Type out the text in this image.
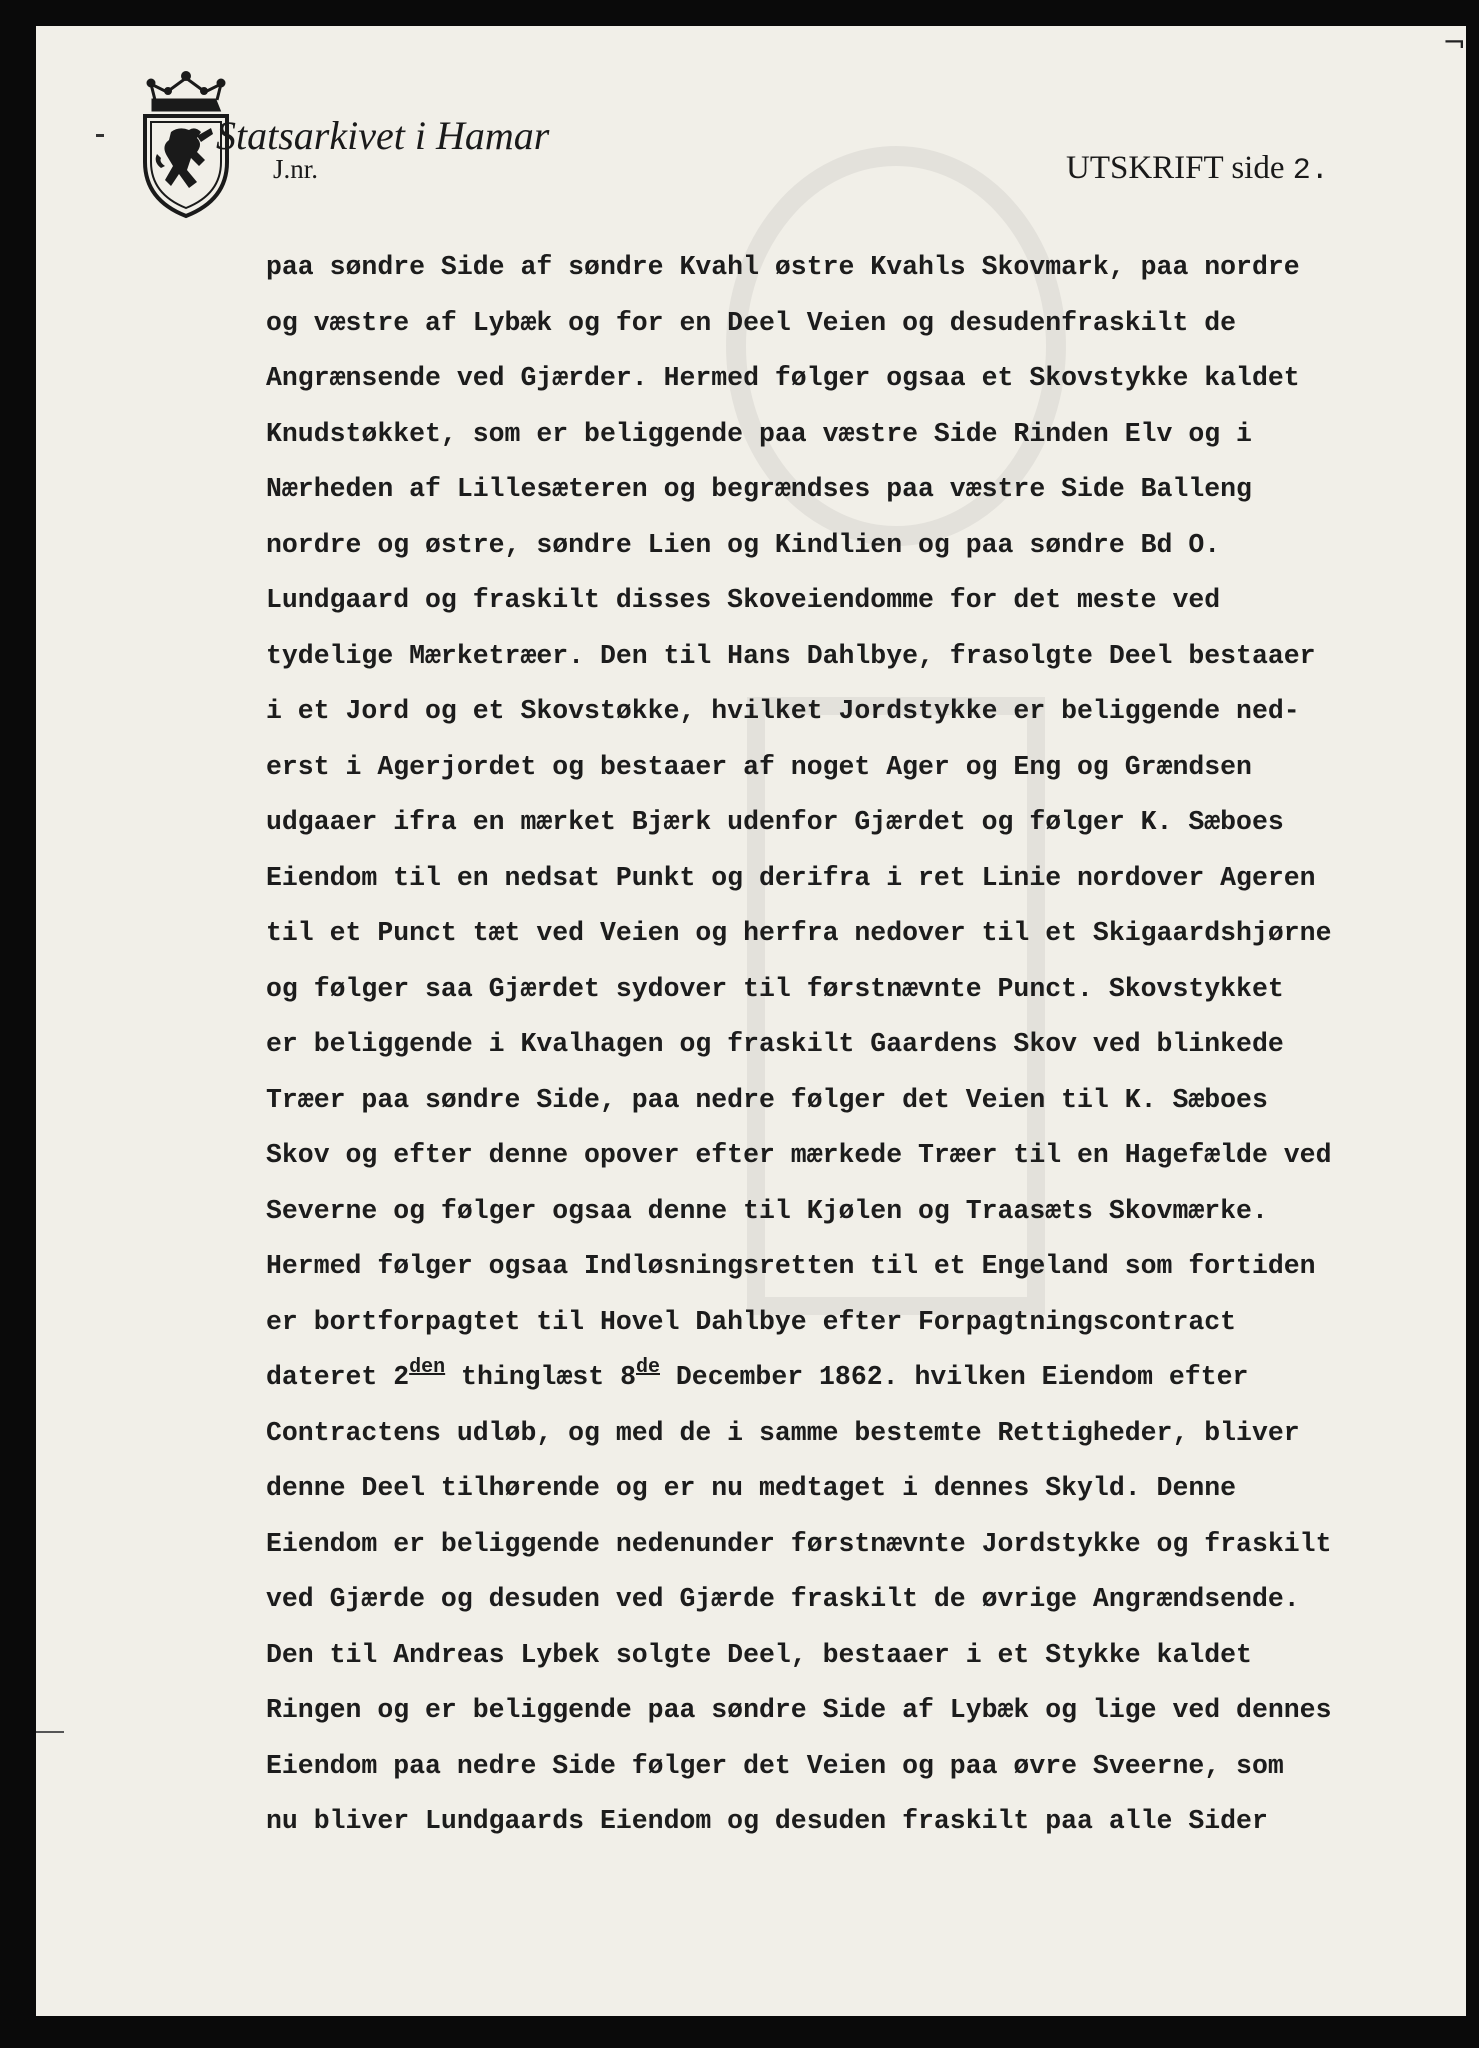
¬
Statsarkivet i Hamar
J.nr.	UTSKRIFT side 2.
paa søndre Side af søndre Kvahl østre Kvahls Skovmark, paa nordre
og væstre af Lybæk og for en Deel Veien og desudenfraskilt de
Angrænsende ved Gjærder. Hermed følger ogsaa et Skovstykke kaldet
Knudstøkket, som er beliggende paa væstre Side Rinden Elv og i
Nærheden af Lillesæteren og begrændses paa væstre Side Balleng
nordre og østre, søndre Lien og Kindlien og paa søndre Bd O.
Lundgaard og fraskilt disses Skoveiendomme for det meste ved
tydelige Mærketræer. Den til Hans Dahlbye, frasolgte Deel bestaaer
i et Jord og et Skovstøkke, hvilket Jordstykke er beliggende ned-
erst i Agerjordet og bestaaer af noget Ager og Eng og Grændsen
udgaaer ifra en mærket Bjærk udenfor Gjærdet og følger K. Sæboes
Eiendom til en nedsat Punkt og derifra i ret Linie nordover Ageren
til et Punct tæt ved Veien og herfra nedover til et Skigaardshjørne
og følger saa Gjærdet sydover til førstnævnte Punct. Skovstykket
er beliggende i Kvalhagen og fraskilt Gaardens Skov ved blinkede
Træer paa søndre Side, paa nedre følger det Veien til K. Sæboes
Skov og efter denne opover efter mærkede Træer til en Hagefælde ved
Severne og følger ogsaa denne til Kjølen og Traasæts Skovmærke.
Hermed følger ogsaa Indløsningsretten til et Engeland som fortiden
er bortforpagtet til Hovel Dahlbye efter Forpagtningscontract
dateret $2^{den}$ thinglæst 8de December 1862. hvilken Eiendom efter
Contractens udløb, og med de i samme bestemte Rettigheder, bliver
denne Deel tilhørende og er nu medtaget i dennes Skyld. Denne
Eiendom er beliggende nedenunder førstnævnte Jordstykke og fraskilt
ved Gjærde og desuden ved Gjærde fraskilt de øvrige Angrændsende.
Den til Andreas Lybek solgte Deel, bestaaer i et Stykke kaldet
Ringen og er beliggende paa søndre Side af Lybæk og lige ved dennes
Eiendom paa nedre Side følger det Veien og paa øvre Sveerne, som
nu bliver Lundgaards Eiendom og desuden fraskilt paa alle Sider
